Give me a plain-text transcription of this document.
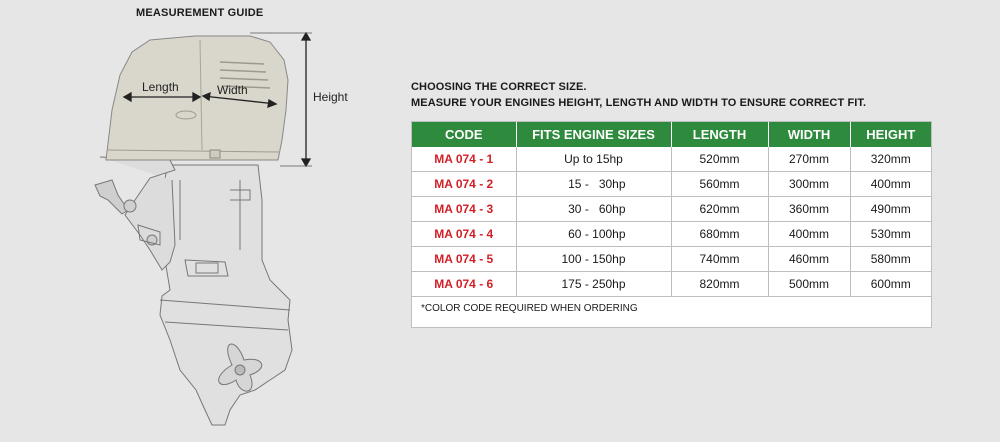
MEASUREMENT GUIDE
Length	Width	Height
CHOOSING THE CORRECT SIZE.
MEASURE YOUR ENGINES HEIGHT, LENGTH AND WIDTH TO ENSURE CORRECT FIT.
CODE	FITS ENGINE SIZES	LENGTH	WIDTH	HEIGHT
MA 074 - 1	Up to 15hp	520mm	270mm	320mm
MA 074 - 2	15 -   30hp	560mm	300mm	400mm
MA 074 - 3	30 -   60hp	620mm	360mm	490mm
MA 074 - 4	60 - 100hp	680mm	400mm	530mm
MA 074 - 5	100 - 150hp	740mm	460mm	580mm
MA 074 - 6	175 - 250hp	820mm	500mm	600mm
*COLOR CODE REQUIRED WHEN ORDERING				
